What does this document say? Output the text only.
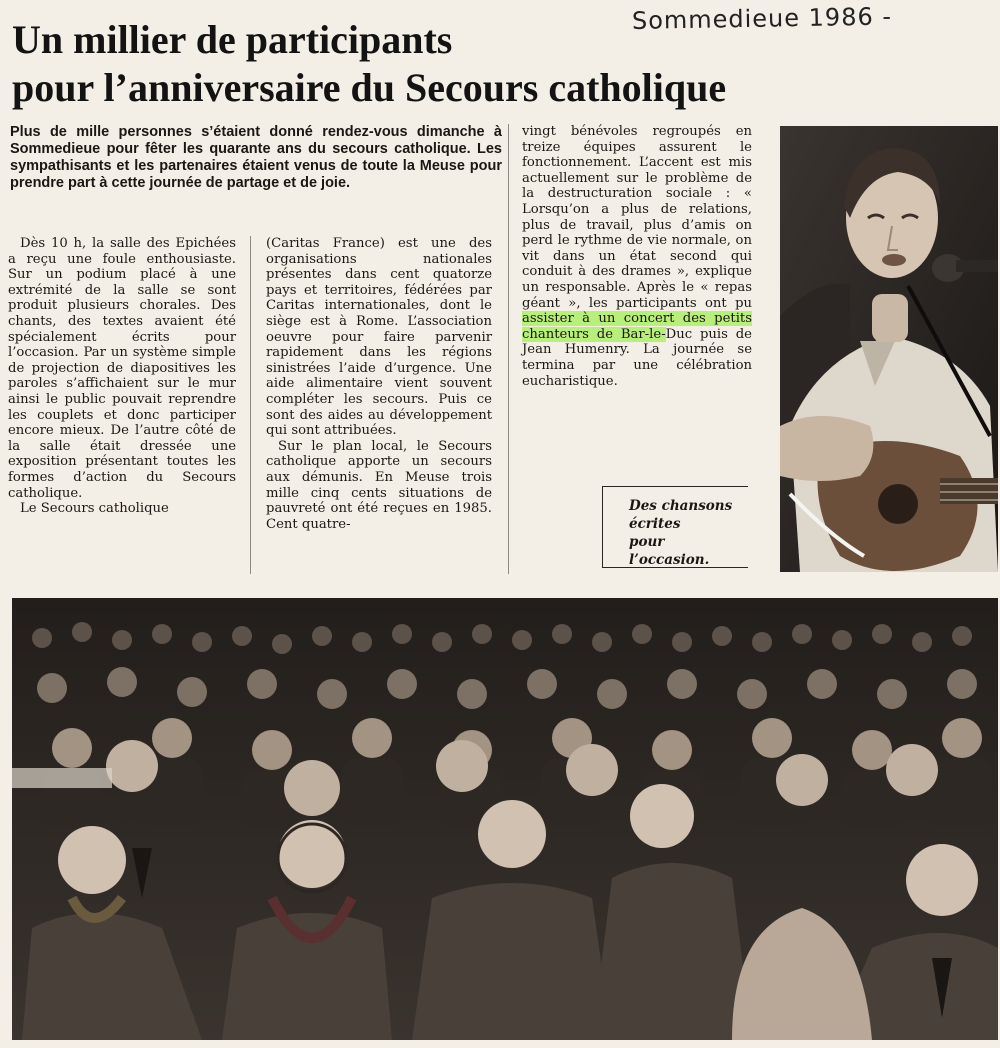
Sommedieue 1986 -
Un millier de participants
pour l’anniversaire du Secours catholique

Plus de mille personnes s’étaient donné rendez-vous dimanche à Sommedieue pour fêter les quarante ans du secours catholique. Les sympathisants et les partenaires étaient venus de toute la Meuse pour prendre part à cette journée de partage et de joie.

Dès 10 h, la salle des Epichées a reçu une foule enthousiaste. Sur un podium placé à une extrémité de la salle se sont produit plusieurs chorales. Des chants, des textes avaient été spécialement écrits pour l’occasion. Par un système simple de projection de diapositives les paroles s’affichaient sur le mur ainsi le public pouvait reprendre les couplets et donc participer encore mieux. De l’autre côté de la salle était dressée une exposition présentant toutes les formes d’action du Secours catholique.

Le Secours catholique

(Caritas France) est une des organisations nationales présentes dans cent quatorze pays et territoires, fédérées par Caritas internationales, dont le siège est à Rome. L’association oeuvre pour faire parvenir rapidement dans les régions sinistrées l’aide d’urgence. Une aide alimentaire vient souvent compléter les secours. Puis ce sont des aides au développement qui sont attribuées.

Sur le plan local, le Secours catholique apporte un secours aux démunis. En Meuse trois mille cinq cents situations de pauvreté ont été reçues en 1985. Cent quatre-

vingt bénévoles regroupés en treize équipes assurent le fonctionnement. L’accent est mis actuellement sur le problème de la destructuration sociale : « Lorsqu’on a plus de relations, plus de travail, plus d’amis on perd le rythme de vie normale, on vit dans un état second qui conduit à des drames », explique un responsable. Après le « repas géant », les participants ont pu assister à un concert des petits chanteurs de Bar-le-Duc puis de Jean Humenry. La journée se termina par une célébration eucharistique.

Des chansons
écrites
pour l’occasion.
